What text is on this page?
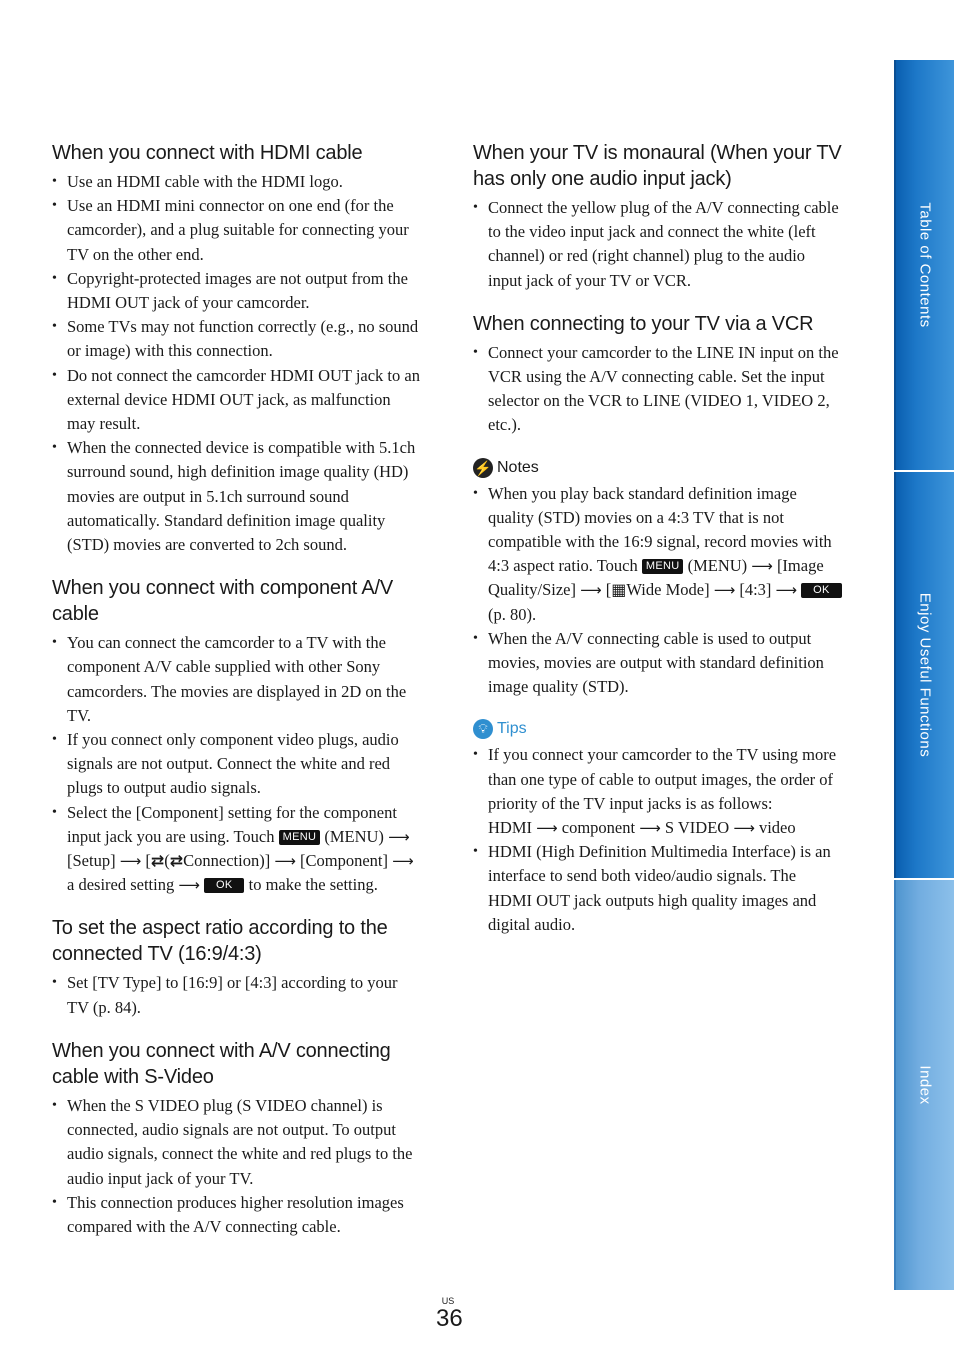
When you connect with HDMI cable
• Use an HDMI cable with the HDMI logo.
• Use an HDMI mini connector on one end (for the camcorder), and a plug suitable for connecting your TV on the other end.
• Copyright-protected images are not output from the HDMI OUT jack of your camcorder.
• Some TVs may not function correctly (e.g., no sound or image) with this connection.
• Do not connect the camcorder HDMI OUT jack to an external device HDMI OUT jack, as malfunction may result.
• When the connected device is compatible with 5.1ch surround sound, high definition image quality (HD) movies are output in 5.1ch surround sound automatically. Standard definition image quality (STD) movies are converted to 2ch sound.
When you connect with component A/V cable
• You can connect the camcorder to a TV with the component A/V cable supplied with other Sony camcorders. The movies are displayed in 2D on the TV.
• If you connect only component video plugs, audio signals are not output. Connect the white and red plugs to output audio signals.
• Select the [Component] setting for the component input jack you are using. Touch MENU (MENU) ⟶ [Setup] ⟶ [⇄(⇄Connection)] ⟶ [Component] ⟶ a desired setting ⟶ OK to make the setting.
To set the aspect ratio according to the connected TV (16:9/4:3)
• Set [TV Type] to [16:9] or [4:3] according to your TV (p. 84).
When you connect with A/V connecting cable with S-Video
• When the S VIDEO plug (S VIDEO channel) is connected, audio signals are not output. To output audio signals, connect the white and red plugs to the audio input jack of your TV.
• This connection produces higher resolution images compared with the A/V connecting cable.
When your TV is monaural (When your TV has only one audio input jack)
• Connect the yellow plug of the A/V connecting cable to the video input jack and connect the white (left channel) or red (right channel) plug to the audio input jack of your TV or VCR.
When connecting to your TV via a VCR
• Connect your camcorder to the LINE IN input on the VCR using the A/V connecting cable. Set the input selector on the VCR to LINE (VIDEO 1, VIDEO 2, etc.).
⚡ Notes
• When you play back standard definition image quality (STD) movies on a 4:3 TV that is not compatible with the 16:9 signal, record movies with 4:3 aspect ratio. Touch MENU (MENU) ⟶ [Image Quality/Size] ⟶ [▦Wide Mode] ⟶ [4:3] ⟶ OK (p. 80).
• When the A/V connecting cable is used to output movies, movies are output with standard definition image quality (STD).
💡︎ Tips
• If you connect your camcorder to the TV using more than one type of cable to output images, the order of priority of the TV input jacks is as follows:
HDMI ⟶ component ⟶ S VIDEO ⟶ video
• HDMI (High Definition Multimedia Interface) is an interface to send both video/audio signals. The HDMI OUT jack outputs high quality images and digital audio.
Table of Contents
Enjoy Useful Functions
Index
US
36
